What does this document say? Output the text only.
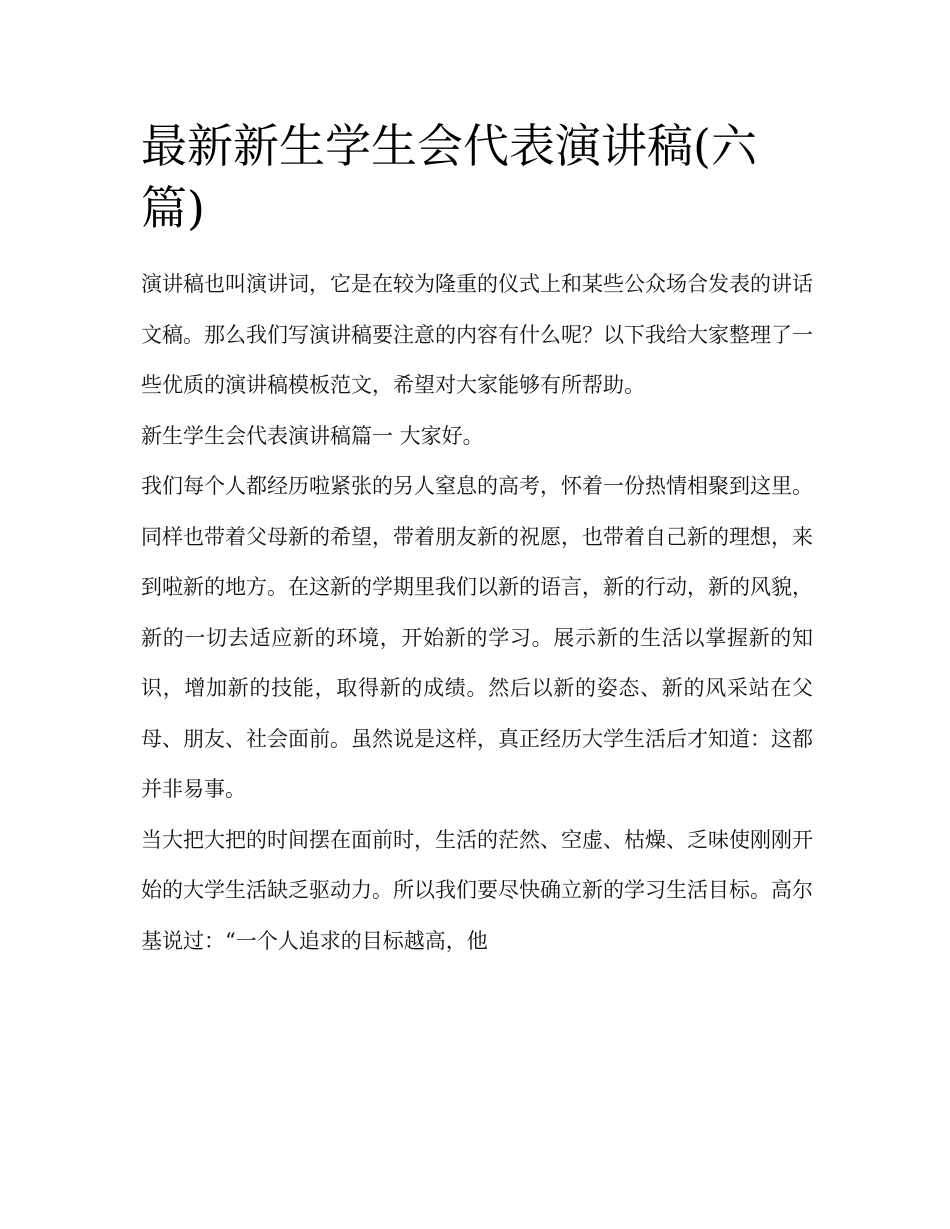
最新新生学生会代表演讲稿(六篇)

演讲稿也叫演讲词，它是在较为隆重的仪式上和某些公众场合发表的讲话文稿。那么我们写演讲稿要注意的内容有什么呢？以下我给大家整理了一些优质的演讲稿模板范文，希望对大家能够有所帮助。

新生学生会代表演讲稿篇一 大家好。

我们每个人都经历啦紧张的另人窒息的高考，怀着一份热情相聚到这里。同样也带着父母新的希望，带着朋友新的祝愿，也带着自己新的理想，来到啦新的地方。在这新的学期里我们以新的语言，新的行动，新的风貌，新的一切去适应新的环境，开始新的学习。展示新的生活以掌握新的知识，增加新的技能，取得新的成绩。然后以新的姿态、新的风采站在父母、朋友、社会面前。虽然说是这样，真正经历大学生活后才知道：这都并非易事。

当大把大把的时间摆在面前时，生活的茫然、空虚、枯燥、乏味使刚刚开始的大学生活缺乏驱动力。所以我们要尽快确立新的学习生活目标。高尔基说过：“一个人追求的目标越高，他
